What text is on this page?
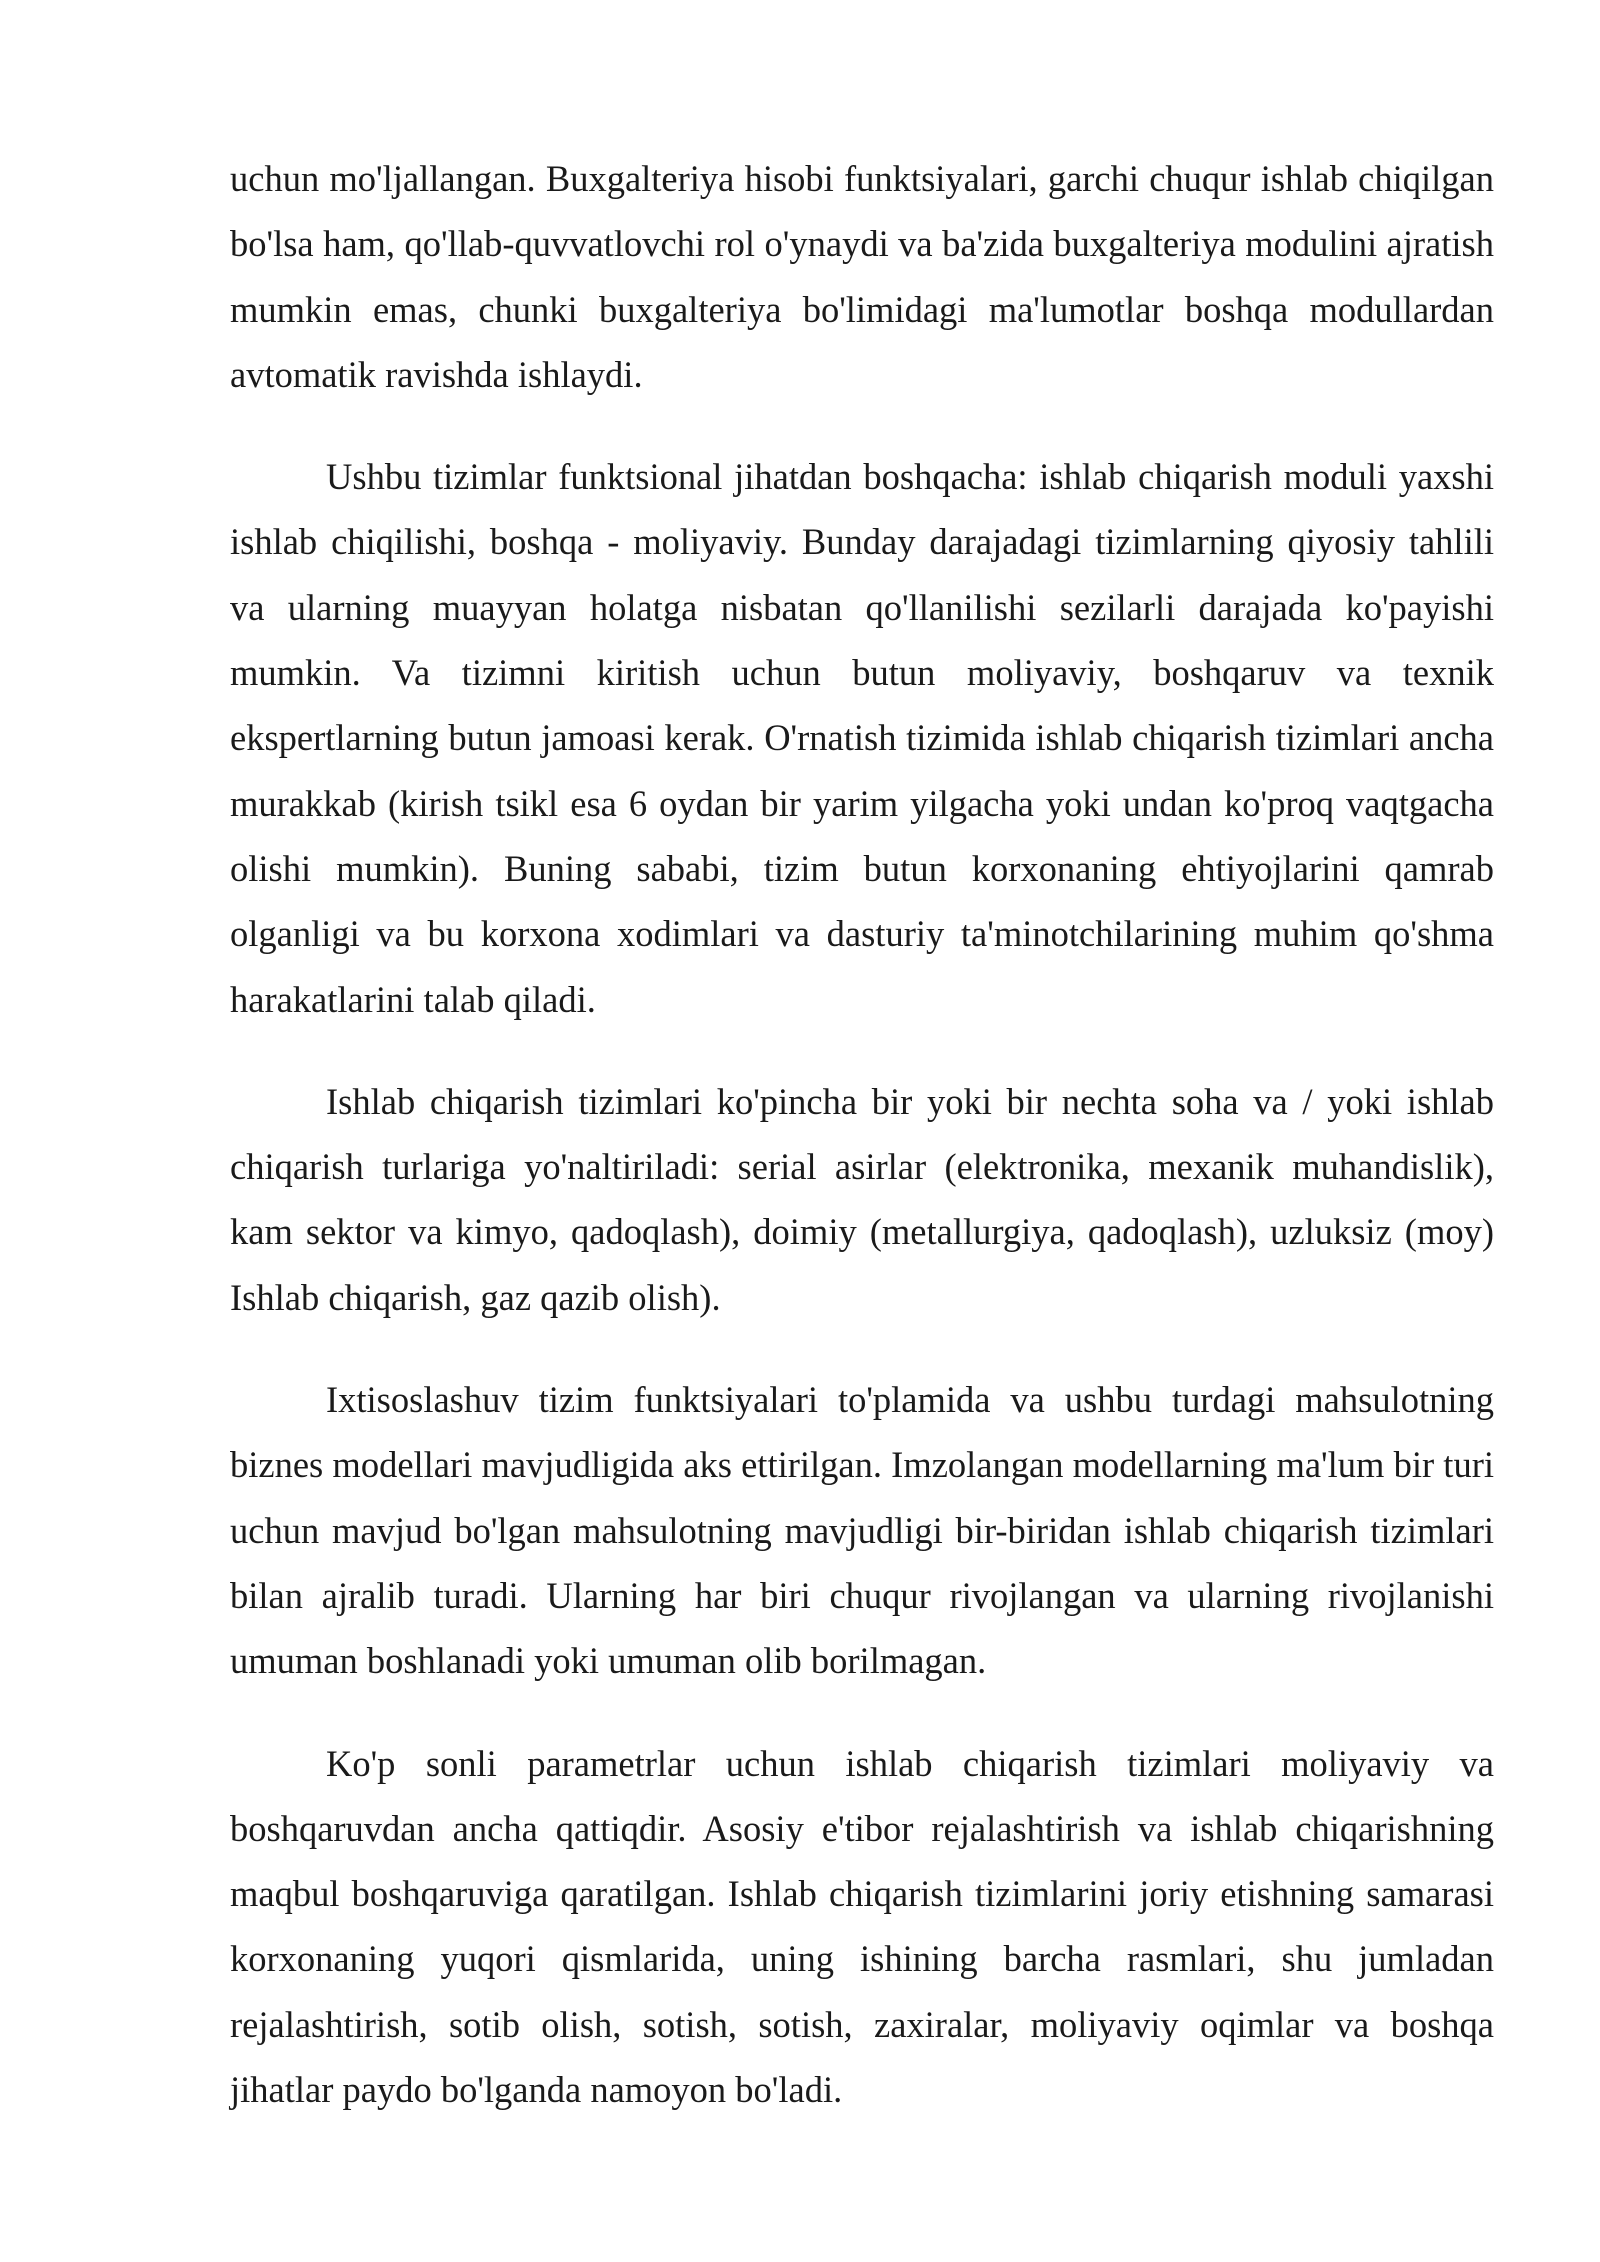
uchun mo'ljallangan. Buxgalteriya hisobi funktsiyalari, garchi chuqur ishlab chiqilgan bo'lsa ham, qo'llab-quvvatlovchi rol o'ynaydi va ba'zida buxgalteriya modulini ajratish mumkin emas, chunki buxgalteriya bo'limidagi ma'lumotlar boshqa modullardan avtomatik ravishda ishlaydi.

Ushbu tizimlar funktsional jihatdan boshqacha: ishlab chiqarish moduli yaxshi ishlab chiqilishi, boshqa - moliyaviy. Bunday darajadagi tizimlarning qiyosiy tahlili va ularning muayyan holatga nisbatan qo'llanilishi sezilarli darajada ko'payishi mumkin. Va tizimni kiritish uchun butun moliyaviy, boshqaruv va texnik ekspertlarning butun jamoasi kerak. O'rnatish tizimida ishlab chiqarish tizimlari ancha murakkab (kirish tsikl esa 6 oydan bir yarim yilgacha yoki undan ko'proq vaqtgacha olishi mumkin). Buning sababi, tizim butun korxonaning ehtiyojlarini qamrab olganligi va bu korxona xodimlari va dasturiy ta'minotchilarining muhim qo'shma harakatlarini talab qiladi.

Ishlab chiqarish tizimlari ko'pincha bir yoki bir nechta soha va / yoki ishlab chiqarish turlariga yo'naltiriladi: serial asirlar (elektronika, mexanik muhandislik), kam sektor va kimyo, qadoqlash), doimiy (metallurgiya, qadoqlash), uzluksiz (moy) Ishlab chiqarish, gaz qazib olish).

Ixtisoslashuv tizim funktsiyalari to'plamida va ushbu turdagi mahsulotning biznes modellari mavjudligida aks ettirilgan. Imzolangan modellarning ma'lum bir turi uchun mavjud bo'lgan mahsulotning mavjudligi bir-biridan ishlab chiqarish tizimlari bilan ajralib turadi. Ularning har biri chuqur rivojlangan va ularning rivojlanishi umuman boshlanadi yoki umuman olib borilmagan.

Ko'p sonli parametrlar uchun ishlab chiqarish tizimlari moliyaviy va boshqaruvdan ancha qattiqdir. Asosiy e'tibor rejalashtirish va ishlab chiqarishning maqbul boshqaruviga qaratilgan. Ishlab chiqarish tizimlarini joriy etishning samarasi korxonaning yuqori qismlarida, uning ishining barcha rasmlari, shu jumladan rejalashtirish, sotib olish, sotish, sotish, zaxiralar, moliyaviy oqimlar va boshqa jihatlar paydo bo'lganda namoyon bo'ladi.
